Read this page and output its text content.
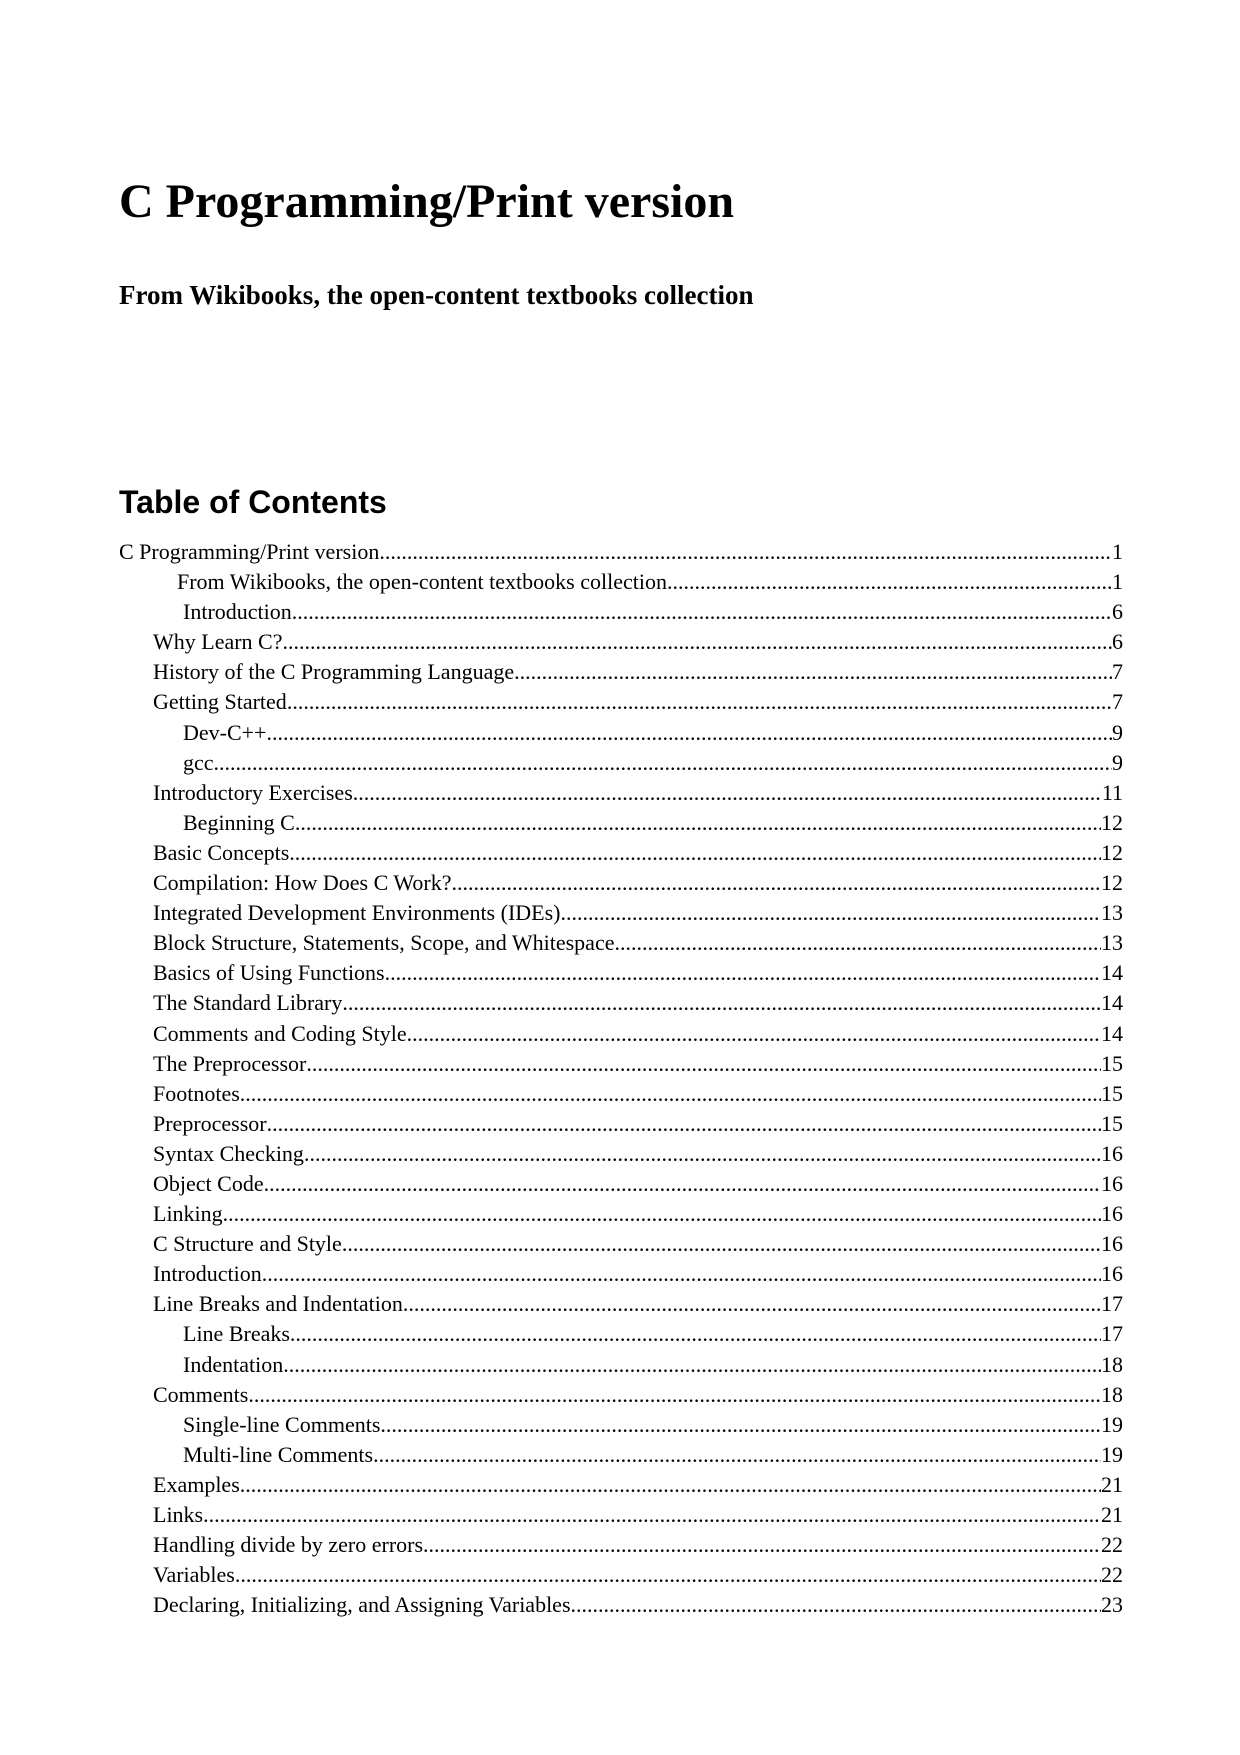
C Programming/Print version
From Wikibooks, the open-content textbooks collection
Table of Contents
C Programming/Print version .....	1
From Wikibooks, the open-content textbooks collection .....	1
Introduction .....	6
Why Learn C? .....	6
History of the C Programming Language .....	7
Getting Started .....	7
Dev-C++ .....	9
gcc .....	9
Introductory Exercises .....	11
Beginning C .....	12
Basic Concepts .....	12
Compilation: How Does C Work? .....	12
Integrated Development Environments (IDEs) .....	13
Block Structure, Statements, Scope, and Whitespace .....	13
Basics of Using Functions .....	14
The Standard Library .....	14
Comments and Coding Style .....	14
The Preprocessor .....	15
Footnotes .....	15
Preprocessor .....	15
Syntax Checking .....	16
Object Code .....	16
Linking .....	16
C Structure and Style .....	16
Introduction .....	16
Line Breaks and Indentation .....	17
Line Breaks .....	17
Indentation .....	18
Comments .....	18
Single-line Comments .....	19
Multi-line Comments .....	19
Examples .....	21
Links .....	21
Handling divide by zero errors .....	22
Variables .....	22
Declaring, Initializing, and Assigning Variables .....	23
